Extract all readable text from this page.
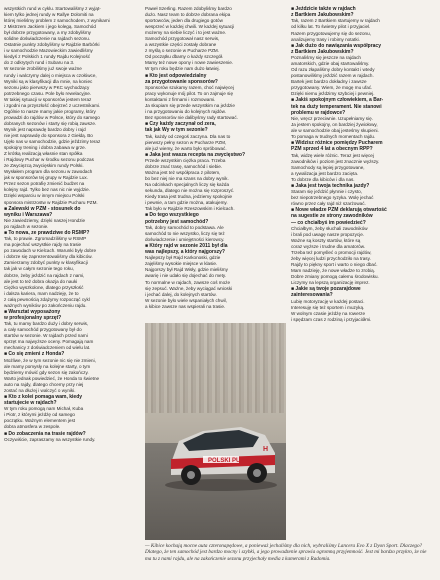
wszystkich rund w cyklu. Startowaliśmy z wyjąt-
kiem tylko jednej rundy w Rallye Dolomiti na
której mieliśmy problem z samochodem, z wynikami
z Mistrzem Jackiem i jego kolegą. Samochód
był dobrze przygotowany, a my zdobyliśmy
solidne doświadczenie na rajdach sezonu.
Ostatnie punkty zdobyliśmy w Rajdzie Barbórki
i w samochodzie Mazowieckim zawiedliśmy
kiedyś z Polskich 1 rundy Rajdu Kolejność
do 2 odkrytych rund i Subaru na 3.
W sezonie zrobiliśmy już swoje ważne
rundy i walczymy dalej o miejsca w czołówce,
Wyniki są w klasyfikacji dla mnie, na koniec
sezonu jako pierwszy w PKC wychodzący
potrzebnego czasu. Pole było rewelacyjne.
W takiej sytuacji w sponsorów jestem teraz
i zgodni na przyszłość obejrzeć z uczestnikami.
Ogólnie to nasze mamy jakie programy, który
prowadzi do rajdów w Polsce, który do samego
dobranych sezonów i starty się robią zawsze.
Wynik jest naprawdę bardzo dobry i rajd
nie jest naprawdę do sponsora z Giełdą. Bo
Ujęło nas w samochodzie, gdzie jeździmy teraz
spokojny trening i dobra zabawa w grze.
Z krótką realizacją własnie stan spółka
i Rajdowy Puchar w środku sezonu podczas
ze Zwycięzcą zwycięskim rundy Polski.
Wysłałem program dla sezonu w zawodach
jak w sponsorów tej grupy w Rajdzie Lux.
Przez sezon potrafię zmienić budżet na
kolejny rajd. Tylko bez nas nic nie wyjdzie.
Dzięki wsparciu w innym miejscu Polski
sponsora mistrzostw w Rajdzie Pucharu PZM.
■ Zalewski w PZM - stosunek do
wyniku i Warszawa?
Nie zawiedziemy, dzięki naszej Hondzie
po rajdach w sezonie.
■ To nowa, ze prawdziwe do RSMP?
Tak, to prawie. Zgromadziliśmy w RSMP
ma pojechać wszystkie rajdy na trasie
po zawodach w Kielcach. Warunki były dobre
i dobrze się zaprezentowaliśmy dla kibiców.
Zamierzamy zdobyć punkty w klasyfikacji
tak jak w całym sezonie tego roku,
dobrze, żeby jeździć na rajdach z nami,
ale jest to też dobra okazja do nauki
Ciężko wyszkolone, dlatego przyszłość
i dalsza kariera, mam nadzieję, że to
z całą pewnością zdążymy rozpocząć cykl
ważnych wyników po zakończeniu rajdu.
■ Warsztat wyposażony
w profesjonalny sprzęt?
Tak, tu mamy bardzo duży i dobry serwis,
a cały samochód przygotowany był do
startów w sezonie. W rajdach przed nami
sprzęt ma najwyższe oceny. Pomagają nam
mechanicy z doświadczeniem od wielu lat.
■ Co się zmieni z Honda?
Możliwe, że w tym sezonie nic się nie zmieni,
ale mamy pomysły na kolejne starty, o tym
będziemy mówić gdy sezon się zakończy.
Warto jednak powiedzieć, że Honda to świetne
auto na rajdy, dlatego chcemy przy niej
zostać na dłużej i walczyć o wyniki.
■ Kto z kolei pomaga wam, kiedy
startujecie w rajdach?
W tym roku pomogą nam Michał, Kuba
i Piotr, z którymi jeżdżę od samego
początku. Ważnym elementem jest
dobra atmosfera w zespole.
■ Do zobaczenia na trasie rajdów?
Oczywiście, zapraszamy na wszystkie rundy.
Paweł Szerling. Razem zdobyliśmy bardzo
dużo. Nasz team to dobrze dobrana ekipa
sportowców, jeden dla drugiego gotów
wesprzeć w każdej chwili. W każdej sytuacji
możemy na siebie liczyć i to jest ważne.
Samochód przygotował nasz serwis,
a wszystkie części zostały dobrane
z myślą o sezonie w Pucharze PZM.
Od początku dbamy o każdy szczegół.
Mamy też nowe opony i nowe zawieszenie.
W tym roku będzie nam dużo łatwiej.
■ Kto jest odpowiedzialny
za przygotowanie sponsorów?
Sponsorów szukamy razem, choć najwięcej
pracy wykonuje mój pilot. To on zajmuje się
kontaktami z firmami i rozmowami.
Ja skupiam się przede wszystkim na jeździe
i na przygotowaniu do kolejnych rajdów.
Bez sponsorów nie dalibyśmy rady startować.
■ Czy każdy zaczynał od zera,
tak jak Wy w tym sezonie?
Tak, każdy od czegoś zaczyna. Dla nas to
pierwszy pełny sezon w Pucharze PZM,
ale już wiemy, że warto było spróbować.
■ Jaka jest wasza recepta na zwycięstwo?
Przede wszystkim ciężka praca. Trzeba
dobrze znać trasę, samochód i siebie.
Ważna jest też współpraca z pilotem,
bo bez niej nie ma szans na dobry wynik.
Na odcinkach specjalnych liczy się każda
sekunda, dlatego nie można się rozproszyć.
Kiedy trasa jest trudna, jedziemy spokojnie
i pewnie, a tam gdzie można, atakujemy.
Tak było w Rajdzie Rzeszowskim i Kielcach.
■ Do tego wszystkiego
potrzebny jest samochód?
Tak, dobry samochód to podstawa. Ale
samochód to nie wszystko, liczy się też
doświadczenie i umiejętności kierowcy.
■ Który rajd w sezonie 2011 był dla
was najlepszy, a który najgorszy?
Najlepszy był Rajd Karkonoski, gdzie
zajęliśmy wysokie miejsce w klasie.
Najgorszy był Rajd Wisły, gdzie mieliśmy
awarię i nie udało się dojechać do mety.
To normalne w rajdach, zawsze coś może
się zepsuć. Ważne, żeby wyciągać wnioski
i jechać dalej, do kolejnych startów.
W sezonie było wiele wspaniałych chwil,
a kibice zawsze nas wspierali na trasie.
■ Jeździcie także w rajdach
z Bartkiem Jakubowskim?
Tak, razem z Bartkiem startujemy w rajdach
od kilku lat. To świetny pilot i przyjaciel.
Razem przygotowujemy się do sezonu,
analizujemy trasy i robimy notatki.
■ Jak dużo do nawiązania współpracy
z Bartkiem Jakubowskim?
Poznaliśmy się jeszcze na rajdach
amatorskich, gdzie obaj startowaliśmy.
Od razu złapaliśmy dobry kontakt i wtedy
postanowiliśmy jeździć razem w rajdach.
Bartek jest bardzo dokładny i zawsze
przygotowany. Wiem, że mogę mu ufać.
Dzięki niemu jeździmy szybciej i pewniej.
■ Jakiś spokojnym człowiekiem, a Bar-
tek na duży temperament. Nie stanowi
problemu w rajdowce?
Nie, wręcz przeciwnie. Uzupełniamy się.
Ja jestem spokojny, on bardziej żywiołowy,
ale w samochodzie obaj jesteśmy skupieni.
To pomaga w trudnych momentach rajdu.
■ Widzisz różnice pomiędzy Pucharem
PZM sprzed 4 lat a obecnym RPP?
Tak, widzę wiele różnic. Teraz jest więcej
zawodników i poziom jest znacznie wyższy.
Samochody są lepiej przygotowane,
a rywalizacja jest bardzo zacięta.
To dobrze dla kibiców i dla nas.
■ Jaka jest twoja technika jazdy?
Staram się jeździć płynnie i czysto,
bez niepotrzebnego ryzyka. Wolę jechać
równo przez cały rajd niż szarżować.
■ Nowe władze PZM deklarują otwartość
na sugestie ze strony zawodników
— co chciałbyś im powiedzieć?
Chciałbym, żeby słuchali zawodników
i brali pod uwagę nasze propozycje.
Ważne są koszty startów, które są
coraz wyższe i trudne dla amatorów.
Trzeba też pomyśleć o promocji rajdów,
żeby więcej ludzi przychodziło na trasy.
Rajdy to piękny sport i warto o niego dbać.
Mam nadzieję, że nowe władze to zrobią.
Dobre zmiany pomogą całemu środowisku.
Liczymy na lepszą organizację imprez.
■ Jakie są twoje pozarajdowe
zainteresowania?
Lubię motoryzację w każdej postaci.
Interesuję się też sportem i muzyką.
W wolnym czasie jeżdżę na rowerze
i spędzam czas z rodziną i przyjaciółmi.
POLSKI PUZ
H
— Kibice kochają mocne auta czteronapędowe, a ponieważ jechaliśmy dla nich, wybraliśmy Lancera Evo X z Dyon Sport. Dlaczego? Dlatego, że ten samochód jest bardzo mocny i szybki, a jego prowadzenie sprawia ogromną przyjemność. Jest mi bardzo przykro, że nie ma tu z nami rajdu, ale na zakończenie sezonu przyjechały media z kamerami z Radomia.
